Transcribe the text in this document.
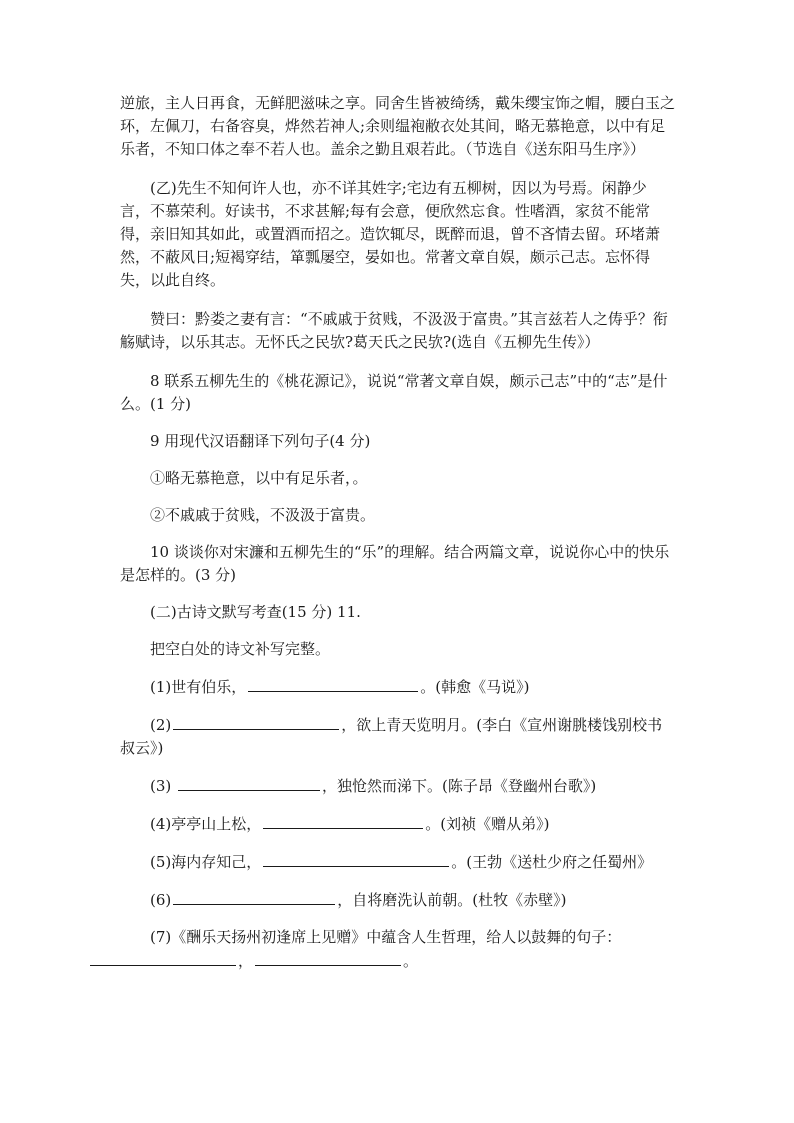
逆旅，主人日再食，无鲜肥滋味之享。同舍生皆被绮绣，戴朱缨宝饰之帽，腰白玉之环，左佩刀，右备容臭，烨然若神人;余则缊袍敝衣处其间，略无慕艳意，以中有足乐者，不知口体之奉不若人也。盖余之勤且艰若此。（节选自《送东阳马生序》）

(乙)先生不知何许人也，亦不详其姓字;宅边有五柳树，因以为号焉。闲静少言，不慕荣利。好读书，不求甚解;每有会意，便欣然忘食。性嗜酒，家贫不能常得，亲旧知其如此，或置酒而招之。造饮辄尽，既醉而退，曾不吝情去留。环堵萧然，不蔽风日;短褐穿结，箪瓢屡空，晏如也。常著文章自娱，颇示己志。忘怀得失，以此自终。

赞曰：黔娄之妻有言：“不戚戚于贫贱，不汲汲于富贵。”其言兹若人之俦乎？衔觞赋诗，以乐其志。无怀氏之民欤?葛天氏之民欤?(选自《五柳先生传》）

8 联系五柳先生的《桃花源记》，说说“常著文章自娱，颇示己志”中的“志”是什么。(1 分)

9 用现代汉语翻译下列句子(4 分)

①略无慕艳意，以中有足乐者，。

②不戚戚于贫贱，不汲汲于富贵。

10 谈谈你对宋濂和五柳先生的“乐”的理解。结合两篇文章，说说你心中的快乐是怎样的。(3 分)

(二)古诗文默写考查(15 分) 11.

把空白处的诗文补写完整。

(1)世有伯乐，	。(韩愈《马说》)

(2)	，欲上青天览明月。(李白《宣州谢朓楼饯别校书叔云》)

(3)	，独怆然而涕下。(陈子昂《登幽州台歌》)

(4)亭亭山上松，	。(刘祯《赠从弟》)

(5)海内存知己，	。(王勃《送杜少府之任蜀州》

(6)	，自将磨洗认前朝。(杜牧《赤壁》)

(7)《酬乐天扬州初逢席上见赠》中蕴含人生哲理，给人以鼓舞的句子：
，	。
